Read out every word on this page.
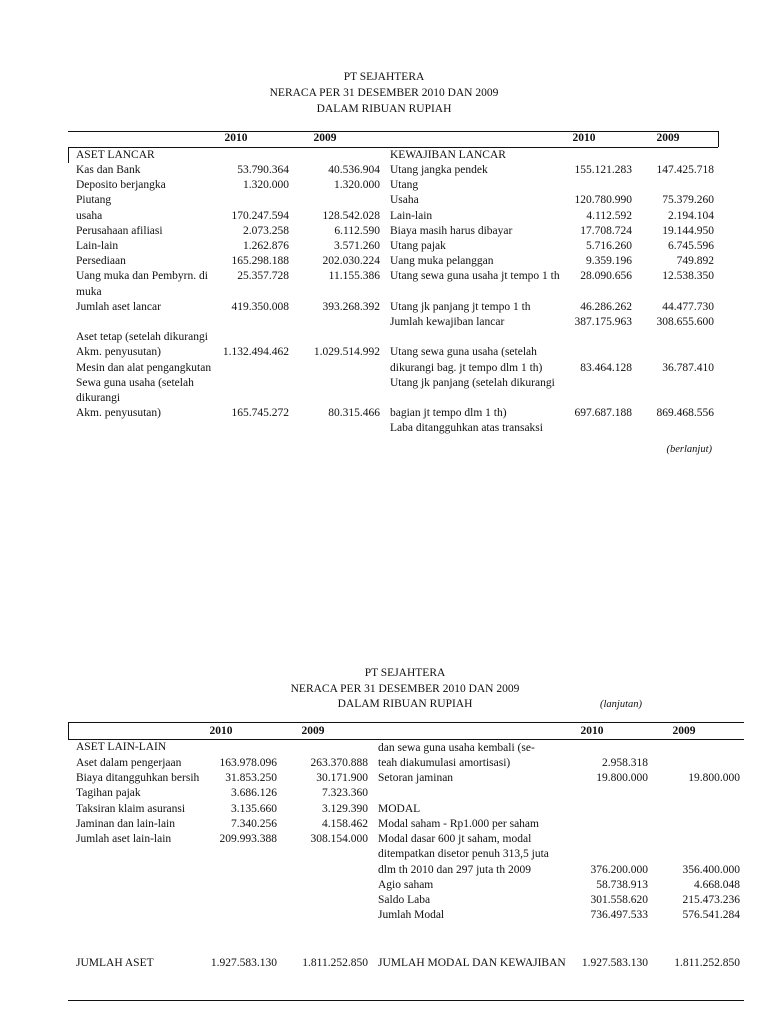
PT SEJAHTERA
NERACA PER 31 DESEMBER 2010 DAN 2009
DALAM RIBUAN RUPIAH
2010	2009	2010	2009
ASET LANCAR	KEWAJIBAN LANCAR
Kas dan Bank	53.790.364	40.536.904
Deposito berjangka	1.320.000	1.320.000
Piutang
usaha	170.247.594	128.542.028
Perusahaan afiliasi	2.073.258	6.112.590
Lain-lain	1.262.876	3.571.260
Persediaan	165.298.188	202.030.224
Uang muka dan Pembyrn. di	25.357.728	11.155.386
muka
Jumlah aset lancar	419.350.008	393.268.392
Aset tetap (setelah dikurangi
Akm. penyusutan)	1.132.494.462 1.029.514.992
Mesin dan alat pengangkutan
Sewa guna usaha (setelah
dikurangi
Akm. penyusutan)	165.745.272	80.315.466
Utang jangka pendek	155.121.283 147.425.718
Utang
Usaha	120.780.990	75.379.260
Lain-lain	4.112.592	2.194.104
Biaya masih harus dibayar	17.708.724	19.144.950
Utang pajak	5.716.260	6.745.596
Uang muka pelanggan	9.359.196	749.892
Utang sewa guna usaha jt tempo 1 th 28.090.656	12.538.350
Utang jk panjang jt tempo 1 th	46.286.262	44.477.730
Jumlah kewajiban lancar	387.175.963 308.655.600
Utang sewa guna usaha (setelah
dikurangi bag. jt tempo dlm 1 th)	83.464.128	36.787.410
Utang jk panjang (setelah dikurangi
bagian jt tempo dlm 1 th)	697.687.188 869.468.556
Laba ditangguhkan atas transaksi
(berlanjut)
PT SEJAHTERA
NERACA PER 31 DESEMBER 2010 DAN 2009
DALAM RIBUAN RUPIAH	(lanjutan)
2010	2009	2010	2009
ASET LAIN-LAIN
Aset dalam pengerjaan	163.978.096	263.370.888
Biaya ditangguhkan bersih 31.853.250	30.171.900
Tagihan pajak	3.686.126	7.323.360
Taksiran klaim asuransi	3.135.660	3.129.390
Jaminan dan lain-lain	7.340.256	4.158.462
Jumlah aset lain-lain	209.993.388	308.154.000
dan sewa guna usaha kembali (se-
teah diakumulasi amortisasi)	2.958.318
Setoran jaminan	19.800.000	19.800.000
MODAL
Modal saham - Rp1.000 per saham
Modal dasar 600 jt saham, modal
ditempatkan disetor penuh 313,5 juta
dlm th 2010 dan 297 juta th 2009	376.200.000	356.400.000
Agio saham	58.738.913	4.668.048
Saldo Laba	301.558.620	215.473.236
Jumlah Modal	736.497.533	576.541.284
JUMLAH ASET	1.927.583.130 1.811.252.850 JUMLAH MODAL DAN KEWAJIBAN 1.927.583.130 1.811.252.850
